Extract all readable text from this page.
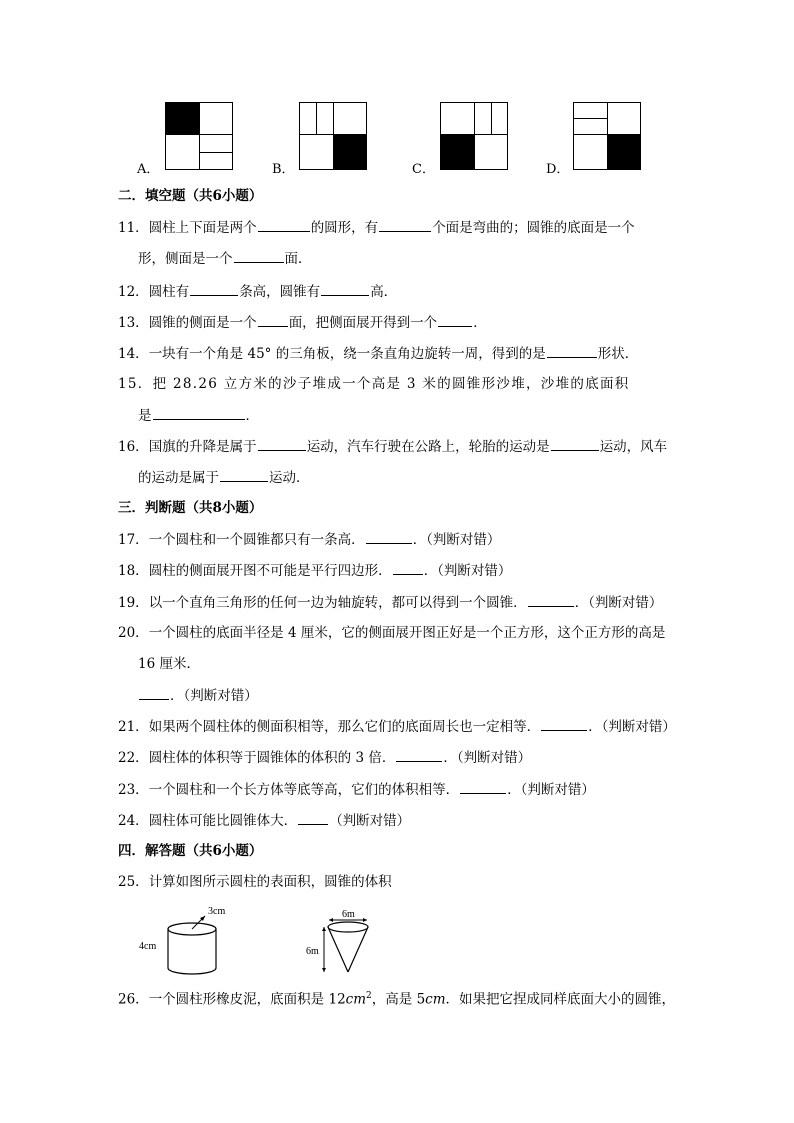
A．	B．	C．	D．
二．填空题（共6小题）
11．圆柱上下面是两个	的圆形，有	个面是弯曲的；圆锥的底面是一个
形，侧面是一个	面．
12．圆柱有	条高，圆锥有	高．
13．圆锥的侧面是一个 面，把侧面展开得到一个	．
14．一块有一个角是 45° 的三角板，绕一条直角边旋转一周，得到的是	形状．
15．把 28.26 立方米的沙子堆成一个高是 3 米的圆锥形沙堆，沙堆的底面积
是	．
16．国旗的升降是属于	运动，汽车行驶在公路上，轮胎的运动是	运动，风车
的运动是属于	运动．
三．判断题（共8小题）
17．一个圆柱和一个圆锥都只有一条高．	．（判断对错）
18．圆柱的侧面展开图不可能是平行四边形． ．（判断对错）
19．以一个直角三角形的任何一边为轴旋转，都可以得到一个圆锥．	．（判断对错）
20．一个圆柱的底面半径是 4 厘米，它的侧面展开图正好是一个正方形，这个正方形的高是
16 厘米．
．（判断对错）
21．如果两个圆柱体的侧面积相等，那么它们的底面周长也一定相等．	．（判断对错）
22．圆柱体的体积等于圆锥体的体积的 3 倍．	．（判断对错）
23．一个圆柱和一个长方体等底等高，它们的体积相等．	．（判断对错）
24．圆柱体可能比圆锥体大． （判断对错）
四．解答题（共6小题）
25．计算如图所示圆柱的表面积，圆锥的体积
3cm
4cm
6m
6m
26．一个圆柱形橡皮泥，底面积是 $12cm^2$，高是 5cm．如果把它捏成同样底面大小的圆锥，
